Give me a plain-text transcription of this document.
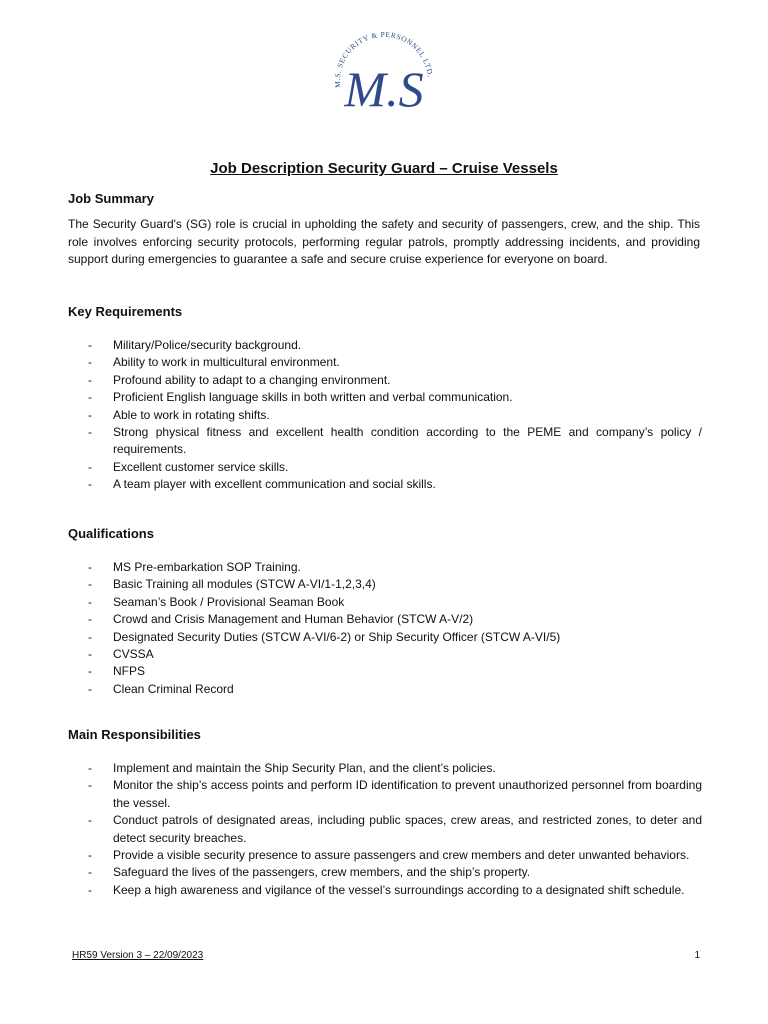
M.S. SECURITY & PERSONNEL LTD.
M.S
Job Description Security Guard – Cruise Vessels
Job Summary
The Security Guard's (SG) role is crucial in upholding the safety and security of passengers, crew, and the ship. This role involves enforcing security protocols, performing regular patrols, promptly addressing incidents, and providing support during emergencies to guarantee a safe and secure cruise experience for everyone on board.
Key Requirements
- Military/Police/security background.
- Ability to work in multicultural environment.
- Profound ability to adapt to a changing environment.
- Proficient English language skills in both written and verbal communication.
- Able to work in rotating shifts.
- Strong physical fitness and excellent health condition according to the PEME and company’s policy / requirements.
- Excellent customer service skills.
- A team player with excellent communication and social skills.
Qualifications
- MS Pre-embarkation SOP Training.
- Basic Training all modules (STCW A-VI/1-1,2,3,4)
- Seaman’s Book / Provisional Seaman Book
- Crowd and Crisis Management and Human Behavior (STCW A-V/2)
- Designated Security Duties (STCW A-VI/6-2) or Ship Security Officer (STCW A-VI/5)
- CVSSA
- NFPS
- Clean Criminal Record
Main Responsibilities
- Implement and maintain the Ship Security Plan, and the client’s policies.
- Monitor the ship’s access points and perform ID identification to prevent unauthorized personnel from boarding the vessel.
- Conduct patrols of designated areas, including public spaces, crew areas, and restricted zones, to deter and detect security breaches.
- Provide a visible security presence to assure passengers and crew members and deter unwanted behaviors.
- Safeguard the lives of the passengers, crew members, and the ship’s property.
- Keep a high awareness and vigilance of the vessel’s surroundings according to a designated shift schedule.
HR59 Version 3 – 22/09/2023	1
